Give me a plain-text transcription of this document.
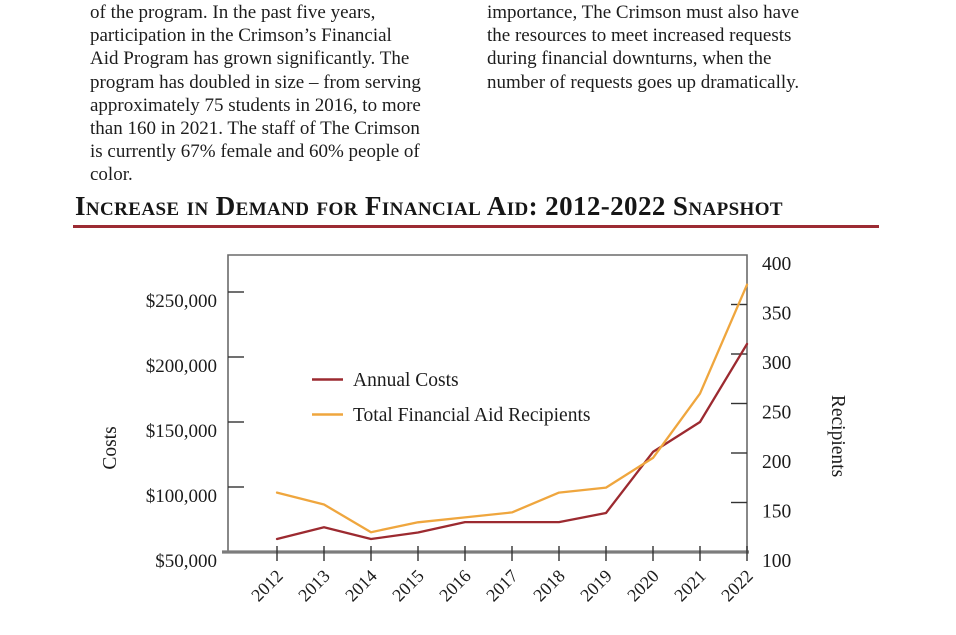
of the program. In the past five years,
participation in the Crimson’s Financial
Aid Program has grown significantly. The
program has doubled in size – from serving
approximately 75 students in 2016, to more
than 160 in 2021. The staff of The Crimson
is currently 67% female and 60% people of
color.

importance, The Crimson must also have
the resources to meet increased requests
during financial downturns, when the
number of requests goes up dramatically.

Increase in Demand for Financial Aid: 2012-2022 Snapshot
$50,000
$100,000
$150,000
$200,000
$250,000
Costs
100
150
200
250
300
350
400
Recipients
2012 2013 2014 2015 2016 2017 2018 2019 2020 2021 2022
Annual Costs
Total Financial Aid Recipients
